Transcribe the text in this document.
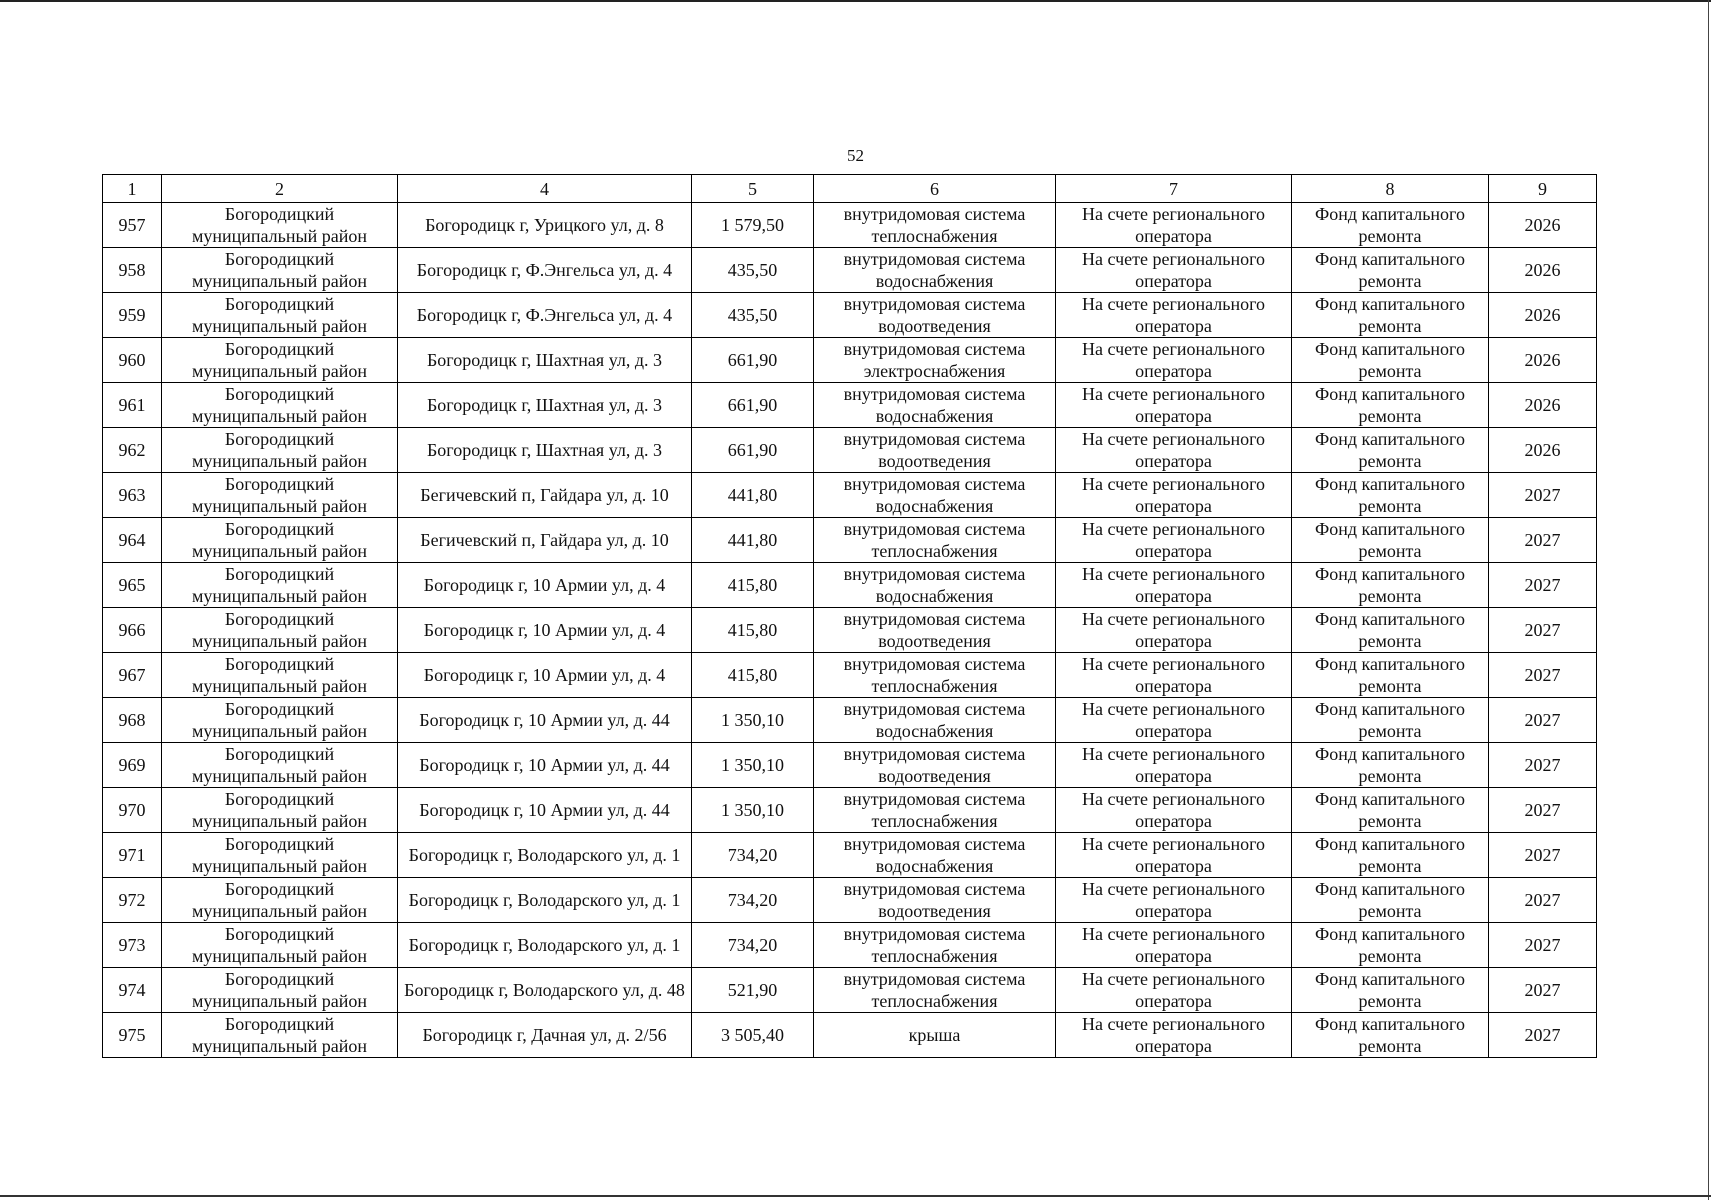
52
1	2	4	5	6	7	8	9
957	Богородицкий муниципальный район	Богородицк г, Урицкого ул, д. 8	1 579,50	внутридомовая система теплоснабжения	На счете регионального оператора	Фонд капитального ремонта	2026
958	Богородицкий муниципальный район	Богородицк г, Ф.Энгельса ул, д. 4	435,50	внутридомовая система водоснабжения	На счете регионального оператора	Фонд капитального ремонта	2026
959	Богородицкий муниципальный район	Богородицк г, Ф.Энгельса ул, д. 4	435,50	внутридомовая система водоотведения	На счете регионального оператора	Фонд капитального ремонта	2026
960	Богородицкий муниципальный район	Богородицк г, Шахтная ул, д. 3	661,90	внутридомовая система электроснабжения	На счете регионального оператора	Фонд капитального ремонта	2026
961	Богородицкий муниципальный район	Богородицк г, Шахтная ул, д. 3	661,90	внутридомовая система водоснабжения	На счете регионального оператора	Фонд капитального ремонта	2026
962	Богородицкий муниципальный район	Богородицк г, Шахтная ул, д. 3	661,90	внутридомовая система водоотведения	На счете регионального оператора	Фонд капитального ремонта	2026
963	Богородицкий муниципальный район	Бегичевский п, Гайдара ул, д. 10	441,80	внутридомовая система водоснабжения	На счете регионального оператора	Фонд капитального ремонта	2027
964	Богородицкий муниципальный район	Бегичевский п, Гайдара ул, д. 10	441,80	внутридомовая система теплоснабжения	На счете регионального оператора	Фонд капитального ремонта	2027
965	Богородицкий муниципальный район	Богородицк г, 10 Армии ул, д. 4	415,80	внутридомовая система водоснабжения	На счете регионального оператора	Фонд капитального ремонта	2027
966	Богородицкий муниципальный район	Богородицк г, 10 Армии ул, д. 4	415,80	внутридомовая система водоотведения	На счете регионального оператора	Фонд капитального ремонта	2027
967	Богородицкий муниципальный район	Богородицк г, 10 Армии ул, д. 4	415,80	внутридомовая система теплоснабжения	На счете регионального оператора	Фонд капитального ремонта	2027
968	Богородицкий муниципальный район	Богородицк г, 10 Армии ул, д. 44	1 350,10	внутридомовая система водоснабжения	На счете регионального оператора	Фонд капитального ремонта	2027
969	Богородицкий муниципальный район	Богородицк г, 10 Армии ул, д. 44	1 350,10	внутридомовая система водоотведения	На счете регионального оператора	Фонд капитального ремонта	2027
970	Богородицкий муниципальный район	Богородицк г, 10 Армии ул, д. 44	1 350,10	внутридомовая система теплоснабжения	На счете регионального оператора	Фонд капитального ремонта	2027
971	Богородицкий муниципальный район	Богородицк г, Володарского ул, д. 1	734,20	внутридомовая система водоснабжения	На счете регионального оператора	Фонд капитального ремонта	2027
972	Богородицкий муниципальный район	Богородицк г, Володарского ул, д. 1	734,20	внутридомовая система водоотведения	На счете регионального оператора	Фонд капитального ремонта	2027
973	Богородицкий муниципальный район	Богородицк г, Володарского ул, д. 1	734,20	внутридомовая система теплоснабжения	На счете регионального оператора	Фонд капитального ремонта	2027
974	Богородицкий муниципальный район	Богородицк г, Володарского ул, д. 48	521,90	внутридомовая система теплоснабжения	На счете регионального оператора	Фонд капитального ремонта	2027
975	Богородицкий муниципальный район	Богородицк г, Дачная ул, д. 2/56	3 505,40	крыша	На счете регионального оператора	Фонд капитального ремонта	2027
